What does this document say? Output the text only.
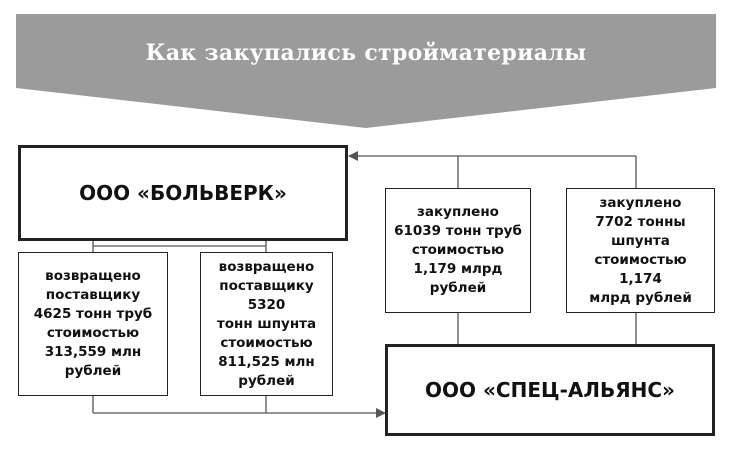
Как закупались стройматериалы
ООО «БОЛЬВЕРК»
ООО «СПЕЦ-АЛЬЯНС»
возвращено
поставщику
4625 тонн труб
стоимостью
313,559 млн
рублей
возвращено
поставщику 5320
тонн шпунта
стоимостью
811,525 млн
рублей
закуплено
61039 тонн труб
стоимостью
1,179 млрд
рублей
закуплено
7702 тонны
шпунта
стоимостью 1,174
млрд рублей
